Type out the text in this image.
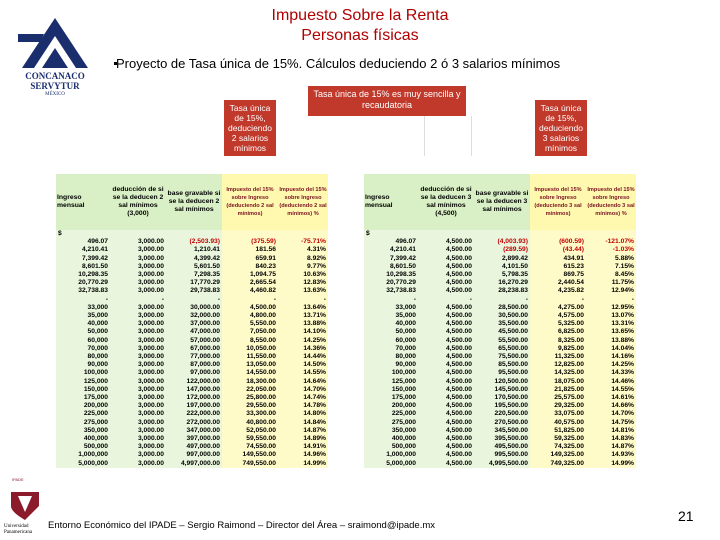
Impuesto Sobre la Renta
Personas físicas
CONCANACO
SERVYTUR
MÉXICO
Proyecto de Tasa única de 15%. Cálculos deduciendo 2 ó 3 salarios mínimos
Tasa única de 15%, deduciendo 2 salarios mínimos
Tasa única de 15% es muy sencilla y recaudatoria	Tasa única de 15%, deduciendo 3 salarios mínimos
Ingreso mensual	deducción de si se la deducen 2 sal mínimos (3,000)	base gravable si se la deducen 2 sal mínimos	Impuesto del 15% sobre Ingreso (deduciendo 2 sal mínimos)	Impuesto del 15% sobre Ingreso (deduciendo 2 sal mínimos) %
$				
496.07	3,000.00	(2,503.93)	(375.59)	-75.71%
4,210.41	3,000.00	1,210.41	181.56	4.31%
7,399.42	3,000.00	4,399.42	659.91	8.92%
8,601.50	3,000.00	5,601.50	840.23	9.77%
10,298.35	3,000.00	7,298.35	1,094.75	10.63%
20,770.29	3,000.00	17,770.29	2,665.54	12.83%
32,738.83	3,000.00	29,738.83	4,460.82	13.63%
-	-	-	-	-
33,000	3,000.00	30,000.00	4,500.00	13.64%
35,000	3,000.00	32,000.00	4,800.00	13.71%
40,000	3,000.00	37,000.00	5,550.00	13.88%
50,000	3,000.00	47,000.00	7,050.00	14.10%
60,000	3,000.00	57,000.00	8,550.00	14.25%
70,000	3,000.00	67,000.00	10,050.00	14.36%
80,000	3,000.00	77,000.00	11,550.00	14.44%
90,000	3,000.00	87,000.00	13,050.00	14.50%
100,000	3,000.00	97,000.00	14,550.00	14.55%
125,000	3,000.00	122,000.00	18,300.00	14.64%
150,000	3,000.00	147,000.00	22,050.00	14.70%
175,000	3,000.00	172,000.00	25,800.00	14.74%
200,000	3,000.00	197,000.00	29,550.00	14.78%
225,000	3,000.00	222,000.00	33,300.00	14.80%
275,000	3,000.00	272,000.00	40,800.00	14.84%
350,000	3,000.00	347,000.00	52,050.00	14.87%
400,000	3,000.00	397,000.00	59,550.00	14.89%
500,000	3,000.00	497,000.00	74,550.00	14.91%
1,000,000	3,000.00	997,000.00	149,550.00	14.96%
5,000,000	3,000.00	4,997,000.00	749,550.00	14.99%
Ingreso mensual	deducción de si se la deducen 3 sal mínimos (4,500)	base gravable si se la deducen 3 sal mínimos	Impuesto del 15% sobre Ingreso (deduciendo 3 sal mínimos)	Impuesto del 15% sobre Ingreso (deduciendo 3 sal mínimos) %
$				
496.07	4,500.00	(4,003.93)	(600.59)	-121.07%
4,210.41	4,500.00	(289.59)	(43.44)	-1.03%
7,399.42	4,500.00	2,899.42	434.91	5.88%
8,601.50	4,500.00	4,101.50	615.23	7.15%
10,298.35	4,500.00	5,798.35	869.75	8.45%
20,770.29	4,500.00	16,270.29	2,440.54	11.75%
32,738.83	4,500.00	28,238.83	4,235.82	12.94%
-	-	-	-	-
33,000	4,500.00	28,500.00	4,275.00	12.95%
35,000	4,500.00	30,500.00	4,575.00	13.07%
40,000	4,500.00	35,500.00	5,325.00	13.31%
50,000	4,500.00	45,500.00	6,825.00	13.65%
60,000	4,500.00	55,500.00	8,325.00	13.88%
70,000	4,500.00	65,500.00	9,825.00	14.04%
80,000	4,500.00	75,500.00	11,325.00	14.16%
90,000	4,500.00	85,500.00	12,825.00	14.25%
100,000	4,500.00	95,500.00	14,325.00	14.33%
125,000	4,500.00	120,500.00	18,075.00	14.46%
150,000	4,500.00	145,500.00	21,825.00	14.55%
175,000	4,500.00	170,500.00	25,575.00	14.61%
200,000	4,500.00	195,500.00	29,325.00	14.66%
225,000	4,500.00	220,500.00	33,075.00	14.70%
275,000	4,500.00	270,500.00	40,575.00	14.75%
350,000	4,500.00	345,500.00	51,825.00	14.81%
400,000	4,500.00	395,500.00	59,325.00	14.83%
500,000	4,500.00	495,500.00	74,325.00	14.87%
1,000,000	4,500.00	995,500.00	149,325.00	14.93%
5,000,000	4,500.00	4,995,500.00	749,325.00	14.99%
IPADE
Universidad
Panamericana
Entorno Económico del IPADE – Sergio Raimond – Director del Área – sraimond@ipade.mx
21
